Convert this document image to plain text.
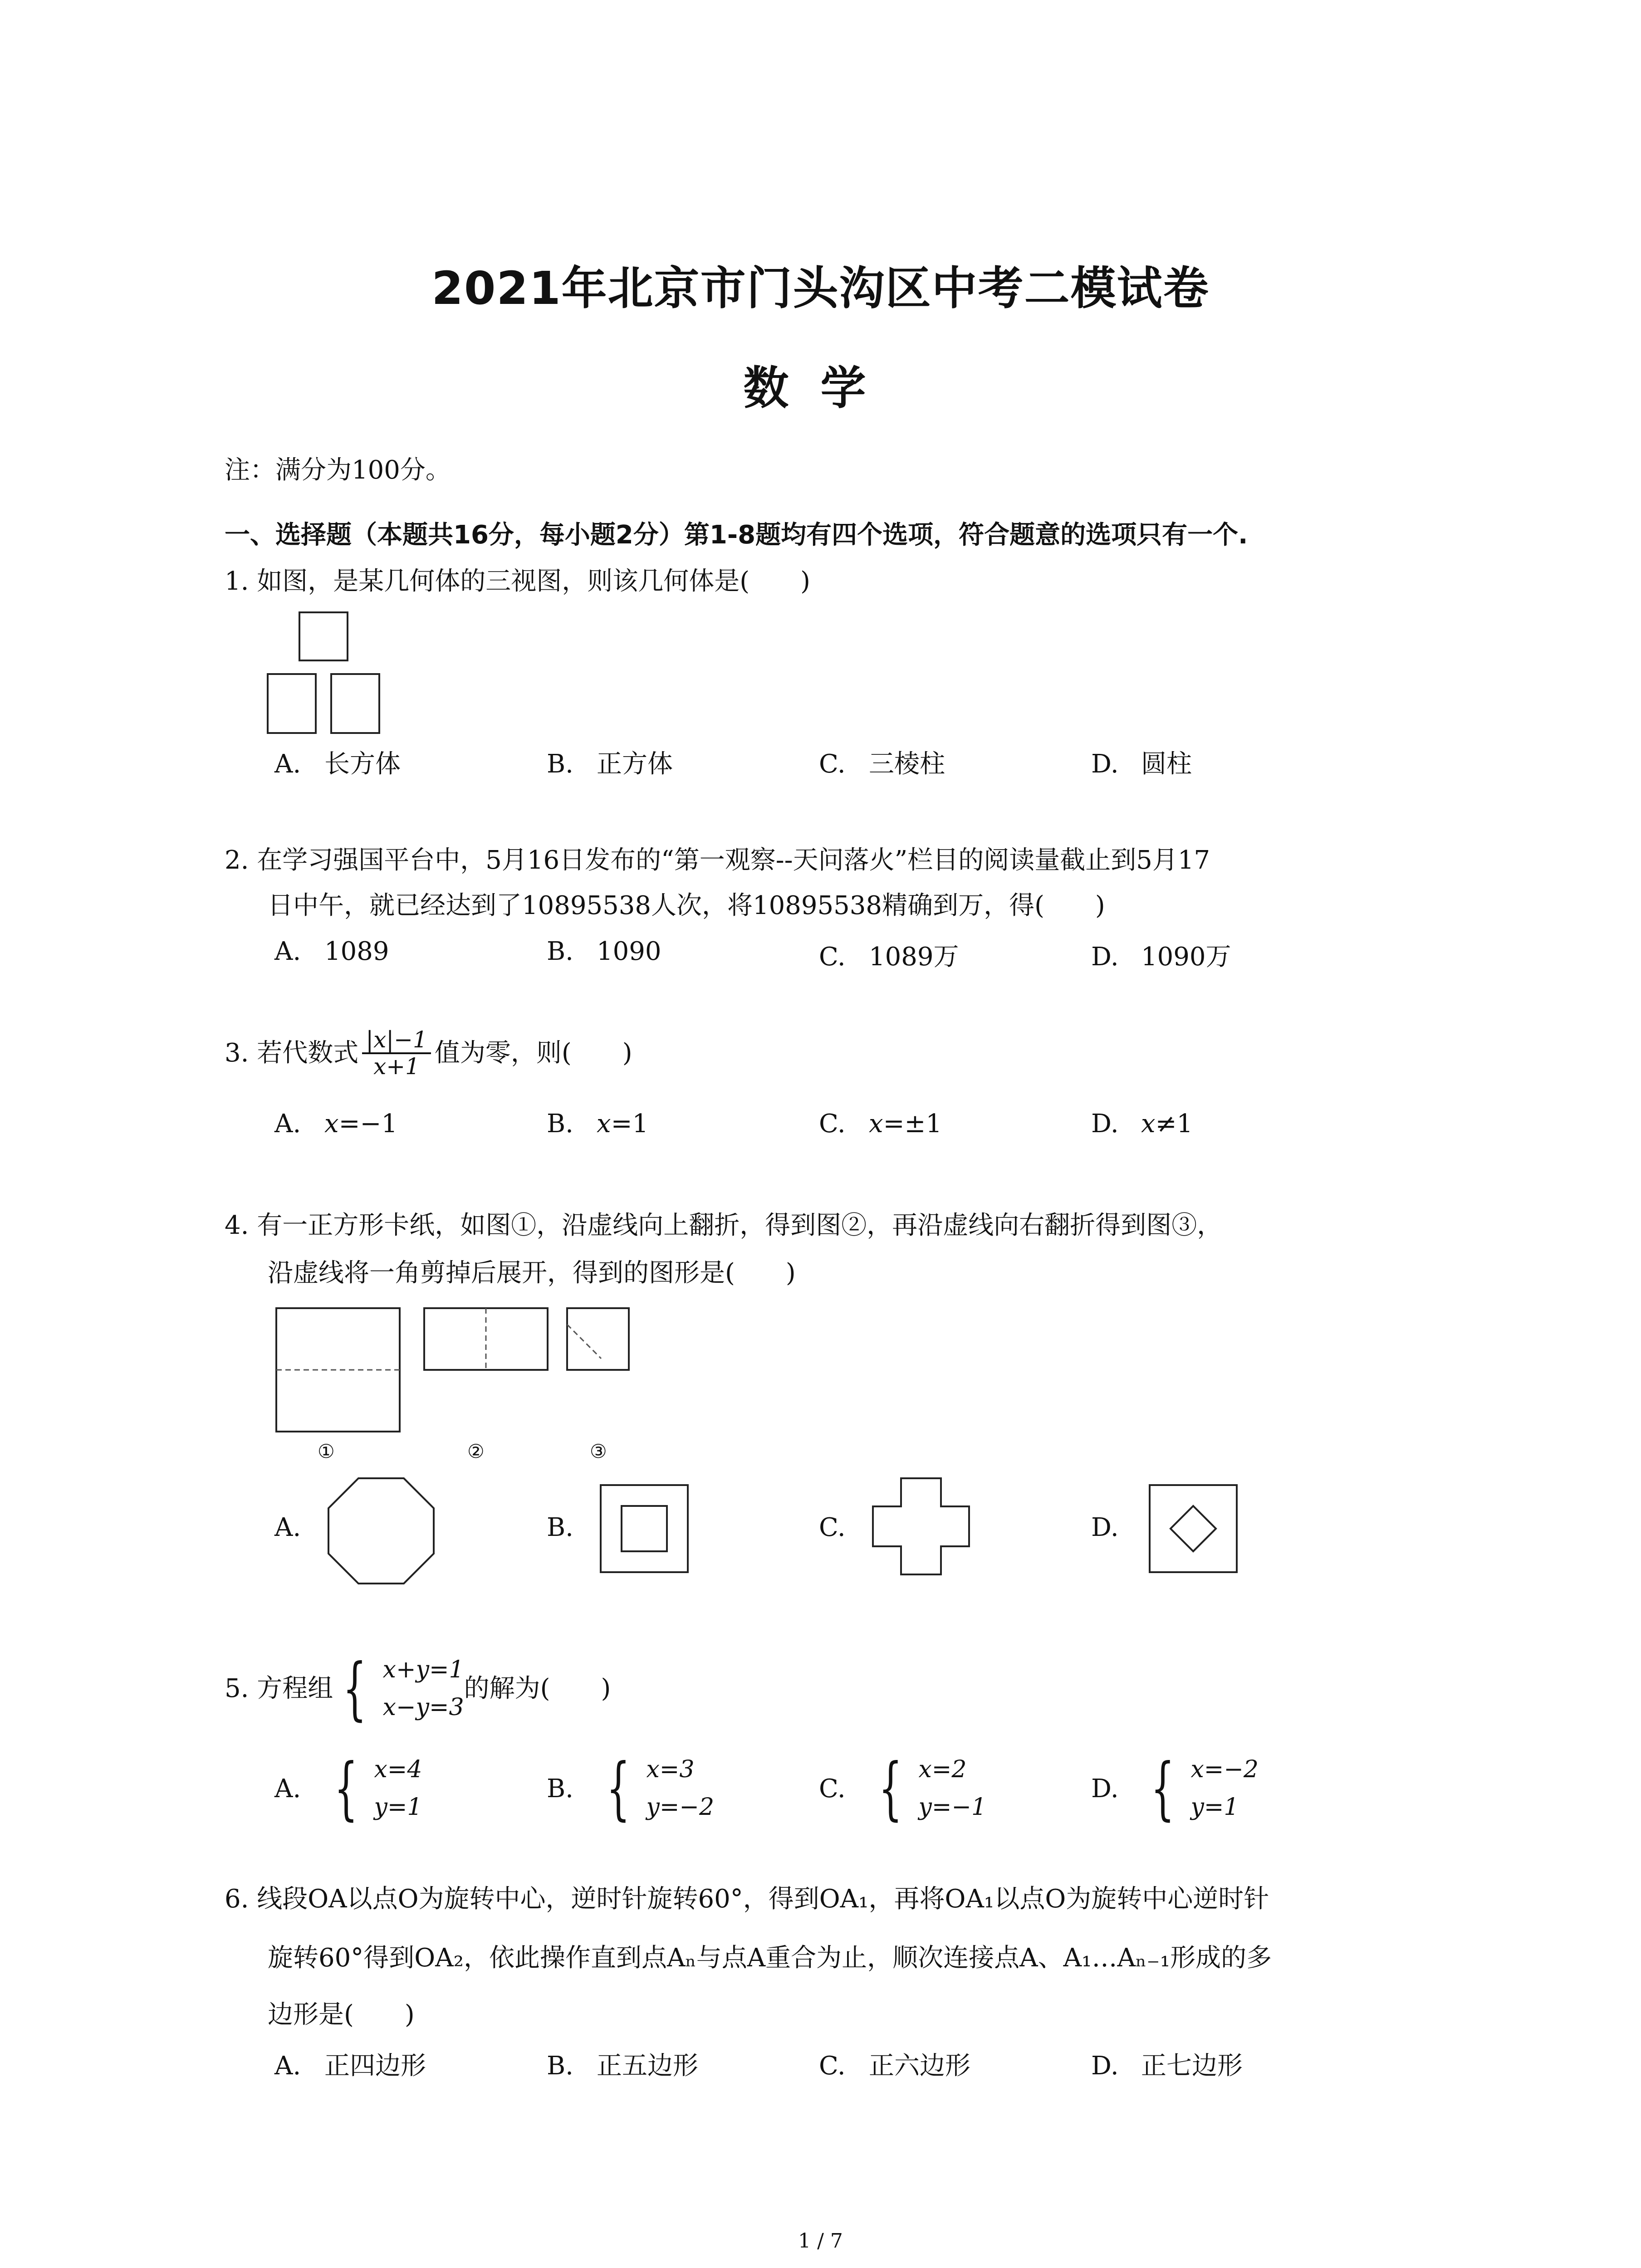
2021年北京市门头沟区中考二模试卷
数学
注：满分为100分。
一、选择题（本题共16分，每小题2分）第1-8题均有四个选项，符合题意的选项只有一个.
1. 如图，是某几何体的三视图，则该几何体是(　　)
A. 长方体	B. 正方体	C. 三棱柱	D. 圆柱
2. 在学习强国平台中，5月16日发布的“第一观察--天问落火”栏目的阅读量截止到5月17
日中午，就已经达到了10895538人次，将10895538精确到万，得(　　)
A. 1089	B. 1090	C. 1089万	D. 1090万
3. 若代数式 $\frac{|x|-1}{x+1}$ 值为零，则(　　)
A. x=−1	B. x=1	C. x=±1	D. x≠1
4. 有一正方形卡纸，如图①，沿虚线向上翻折，得到图②，再沿虚线向右翻折得到图③，
沿虚线将一角剪掉后展开，得到的图形是(　　)
①	②	③
A.	B.	C.	D.
5. 方程组 { x+y=1
x−y=3
的解为(　　)
A. { x=4
y=1
B. { x=3
y=−2
C. { x=2
y=−1
D. { x=−2
y=1
6. 线段OA以点O为旋转中心，逆时针旋转60°，得到OA₁，再将OA₁以点O为旋转中心逆时针
旋转60°得到OA₂，依此操作直到点Aₙ与点A重合为止，顺次连接点A、A₁…Aₙ₋₁形成的多
边形是(　　)
A. 正四边形	B. 正五边形	C. 正六边形	D. 正七边形
1 / 7
